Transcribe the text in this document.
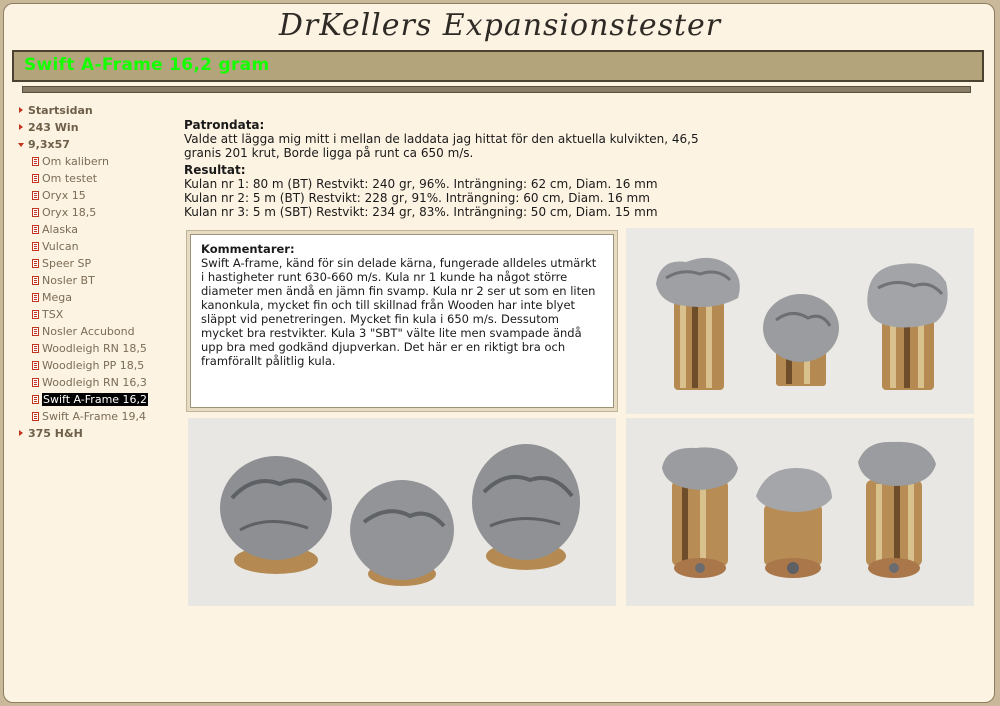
DrKellers Expansionstester
Swift A-Frame 16,2 gram
Startsidan
243 Win
9,3x57
Om kalibern
Om testet
Oryx 15
Oryx 18,5
Alaska
Vulcan
Speer SP
Nosler BT
Mega
TSX
Nosler Accubond
Woodleigh RN 18,5
Woodleigh PP 18,5
Woodleigh RN 16,3
Swift A-Frame 16,2
Swift A-Frame 19,4
375 H&H
Patrondata:
Valde att lägga mig mitt i mellan de laddata jag hittat för den aktuella kulvikten, 46,5 granis 201 krut, Borde ligga på runt ca 650 m/s.
Resultat:
Kulan nr 1: 80 m (BT) Restvikt: 240 gr, 96%. Inträngning: 62 cm, Diam. 16 mm
Kulan nr 2: 5 m (BT) Restvikt: 228 gr, 91%. Inträngning: 60 cm, Diam. 16 mm
Kulan nr 3: 5 m (SBT) Restvikt: 234 gr, 83%. Inträngning: 50 cm, Diam. 15 mm
Kommentarer:
Swift A-frame, känd för sin delade kärna, fungerade alldeles utmärkt i hastigheter runt 630-660 m/s. Kula nr 1 kunde ha något större diameter men ändå en jämn fin svamp. Kula nr 2 ser ut som en liten kanonkula, mycket fin och till skillnad från Wooden har inte blyet släppt vid penetreringen. Mycket fin kula i 650 m/s. Dessutom mycket bra restvikter. Kula 3 "SBT" välte lite men svampade ändå upp bra med godkänd djupverkan. Det här er en riktigt bra och framförallt pålitlig kula.
